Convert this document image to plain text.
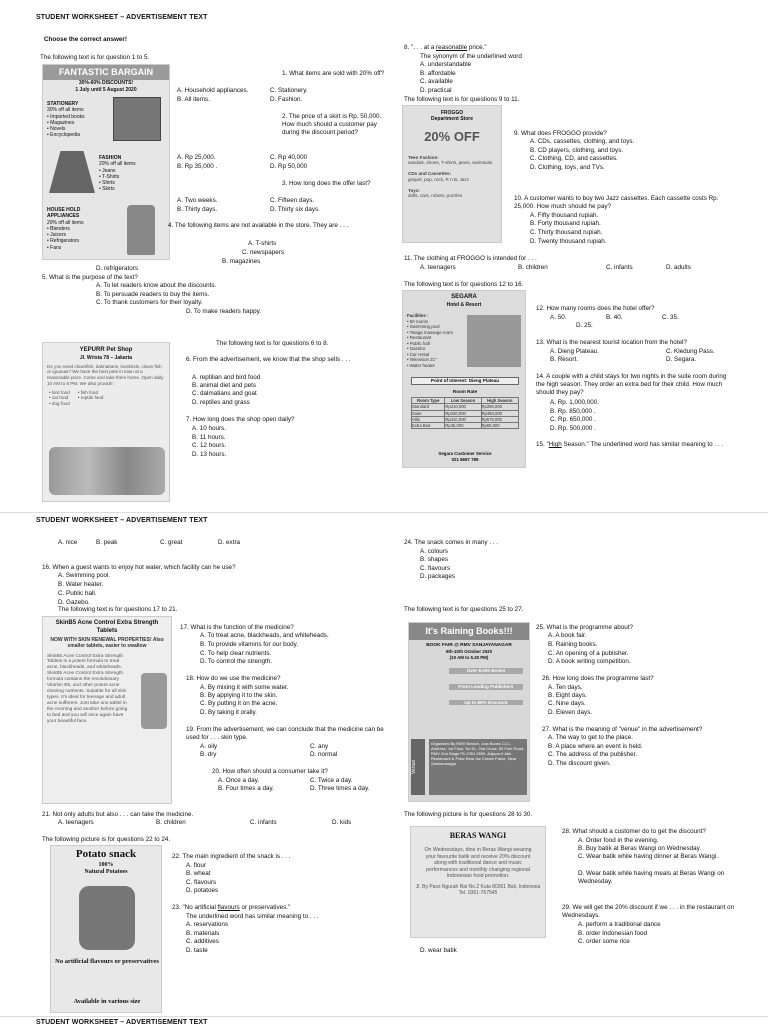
STUDENT WORKSHEET – ADVERTISEMENT TEXT
Choose the correct answer!
The following text is for question 1 to 5.
FANTASTIC BARGAIN
30%-60% DISCOUNTS!
1 July until 5 August 2020
STATIONERY
30% off all items
• Imported books
• Magazines
• Novels
• Encyclopedia
FASHION
20% off all items
• Jeans
• T-Shirts
• Shirts
• Skirts
HOUSE HOLD APPLIANCES
20% off all items
• Blenders
• Juicers
• Refrigerators
• Fans
1. What items are sold with 20% off?
A. Household appliances.	C. Stationery.
B. All items.	D. Fashion.
2. The price of a skirt is Rp. 50,000. How much should a customer pay during the discount period?
A. Rp 25,000.	C. Rp 40,000
B. Rp 35,000 .	D. Rp 50,000
3. How long does the offer last?
A. Two weeks.	C. Fifteen days.
B. Thirty days.	D. Thirty six days.
4. The following items are not available in the store. They are . . .
A. T-shirts
C. newspapers
B. magazines
D. refrigerators
5. What is the purpose of the text?
A. To let readers know about the discounts.
B. To persuade readers to buy the items.
C. To thank customers for their loyalty.
D. To make readers happy.
The following text is for questions 6 to 8.
YEPURR Pet Shop
Jl. Wrista 78 – Jakarta
Do you need clownfish, dalmatians, lovebirds, clown fish or iguanas? We have the best pets in town at a reasonable price. Come and take them home. Open daily 10 AM to 8 PM. We also provide:
• bird food
• cat food
• dog food
• fish food
• reptile food
6. From the advertisement, we know that the shop sells . . .
A. reptilian and bird food
B. animal diet and pets
C. dalmatians and goat
D. reptiles and grass
7. How long does the shop open daily?
A. 10 hours.
B. 11 hours.
C. 12 hours.
D. 13 hours.
8. ". . . at a reasonable price."
The synonym of the underlined word
A. understandable
B. affordable
C. available
D. practical
The following text is for questions 9 to 11.
FROGGO
Department Store
20% OFF
Teen Fashion:
sandals, shoes, T-shirts, jeans, swimsuits
CDs and Cassettes:
gospel, pop, rock, R n B, Jazz
Toys:
dolls, cars, robots, puzzles
9. What does FROGGO provide?
A. CDs, cassettes, clothing, and toys.
B. CD players, clothing, and toys.
C. Clothing, CD, and cassettes.
D. Clothing, toys, and TVs.
10. A customer wants to buy two Jazz cassettes. Each cassette costs Rp. 25,000. How much should he pay?
A. Fifty thousand rupiah.
B. Forty thousand rupiah.
C. Thirty thousand rupiah.
D. Twenty thousand rupiah.
11. The clothing at FROGGO is intended for . . .
A. teenagers	B. children	C. infants	D. adults
The following text is for questions 12 to 16.
SEGARA
Hotel & Resort
Facilities :
• 50 rooms
• Swimming pool
• Telaga massage room
• Restaurant
• Public hall
• Gazebo
• Car rental
• Television 21"
• Water heater
Point of Interest: Dieng Plateau
Room Rate
Room Type	Low Season	High Season
Standard	Rp210,000	Rp280,000
Suite	Rp330,000	Rp450,000
Villa	Rp410,000	Rp575,000
Extra Bed	Rp45,000	Rp65,000
Segara Customer Service
021 8697 789
12. How many rooms does the hotel offer?
A. 50.	B. 40.	C. 35.
D. 25.
13. What is the nearest tourist location from the hotel?
A. Dieng Plateau.	C. Kledung Pass.
B. Resort.	D. Segara.
14. A couple with a child stays for two nights in the suite room during the high season. They order an extra bed for their child. How much should they pay?
A. Rp. 1,000,000.
B. Rp. 850,000 .
C. Rp. 650,000 .
D. Rp. 500,000 .
15. "High Season." The underlined word has similar meaning to . . .
STUDENT WORKSHEET – ADVERTISEMENT TEXT
A. nice	B. peak	C. great	D. extra
16. When a guest wants to enjoy hot water, which facility can he use?
A. Swimming pool.
B. Water heater.
C. Public hall.
D. Gazebo.
The following text is for questions 17 to 21.
SkinB5 Acne Control Extra Strength Tablets
NOW WITH SKIN RENEWAL PROPERTIES! Also smaller tablets, easier to swallow
SkinB5 Acne Control Extra Strength Tablets is a potent formula to treat acne, blackheads, and whiteheads. SkinB5 Acne Control Extra Strength formula contains the revolutionary Vitamin B5, and other potent acne clearing nutrients. Suitable for all skin types. It's ideal for teenage and adult acne sufferers. Just take one tablet in the morning and another before going to bed and you will once again have your beautiful face.
17. What is the function of the medicine?
A. To treat acne, blackheads, and whiteheads.
B. To provide vitamins for our body.
C. To help clear nutrients.
D. To control the strength.
18. How do we use the medicine?
A. By mixing it with some water.
B. By applying it to the skin.
C. By putting it on the acne.
D. By taking it orally.
19. From the advertisement, we can conclude that the medicine can be used for . . . skin type.
A. oily	C. any
B. dry	D. normal
20. How often should a consumer take it?
A. Once a day.	C. Twice a day.
B. Four times a day.	D. Three times a day.
21. Not only adults but also . . . can take the medicine.
A. teenagers	B. children	C. infants	D. kids
The following picture is for questions 22 to 24.
Potato snack
100%
Natural Potatoes
No artificial flavours or preservatives
Available in various size
22. The main ingredient of the snack is . . .
A. flour
B. wheat
C. flavours
D. potatoes
23. "No artificial flavours or preservatives."
The underlined word has similar meaning to . . .
A. reservations
B. materials
C. additives
D. taste
24. The snack comes in many . . .
A. colours
B. shapes
C. flavours
D. packages
The following text is for questions 25 to 27.
It's Raining Books!!!
BOOK FAIR @ RMV SANJAYANAGAR
9th-10th October 2020
(10 AM to 5.30 PM)
Over 5,000 Books
From Leading Publishers
Up to 80% Discount
Venue
Organized By RMV Branch, Just Books CLC, Address: 1st Floor, No 61, 2nd Cross, 80 Feet Road, RMV 2nd Stage Ph 2351 5999, Adjacent Jain Restaurant & Polar Bear Ice Cream Parlor, Near Sankaranagar
25. What is the programme about?
A. A book fair.
B. Raining books.
C. An opening of a publisher.
D. A book writing competition.
26. How long does the programme last?
A. Ten days.
B. Eight days.
C. Nine days.
D. Eleven days.
27. What is the meaning of "venue" in the advertisement?
A. The way to get to the place.
B. A place where an event is held.
C. The address of the publisher.
D. The discount given.
The following picture is for questions 28 to 30.
BERAS WANGI
On Wednesdays, dine in Beras Wangi wearing your favourite batik and receive 20% discount along with traditional dance and music performances and monthly changing regional Indonesian food promotion.
Jl. By Pass Ngurah Rai No.2 Kuta 80361 Bali, Indonesia
Tel. 0361-767545
28. What should a customer do to get the discount?
A. Order food in the evening.
B. Buy batik at Beras Wangi on Wednesday.
C. Wear batik while having dinner at Beras Wangi.
D. Wear batik while having meals at Beras Wangi on Wednesday.
29. We will get the 20% discount if we . . . in the restaurant on Wednesdays.
A. perform a traditional dance
B. order Indonesian food
C. order some rice
D. wear batik
STUDENT WORKSHEET – ADVERTISEMENT TEXT
